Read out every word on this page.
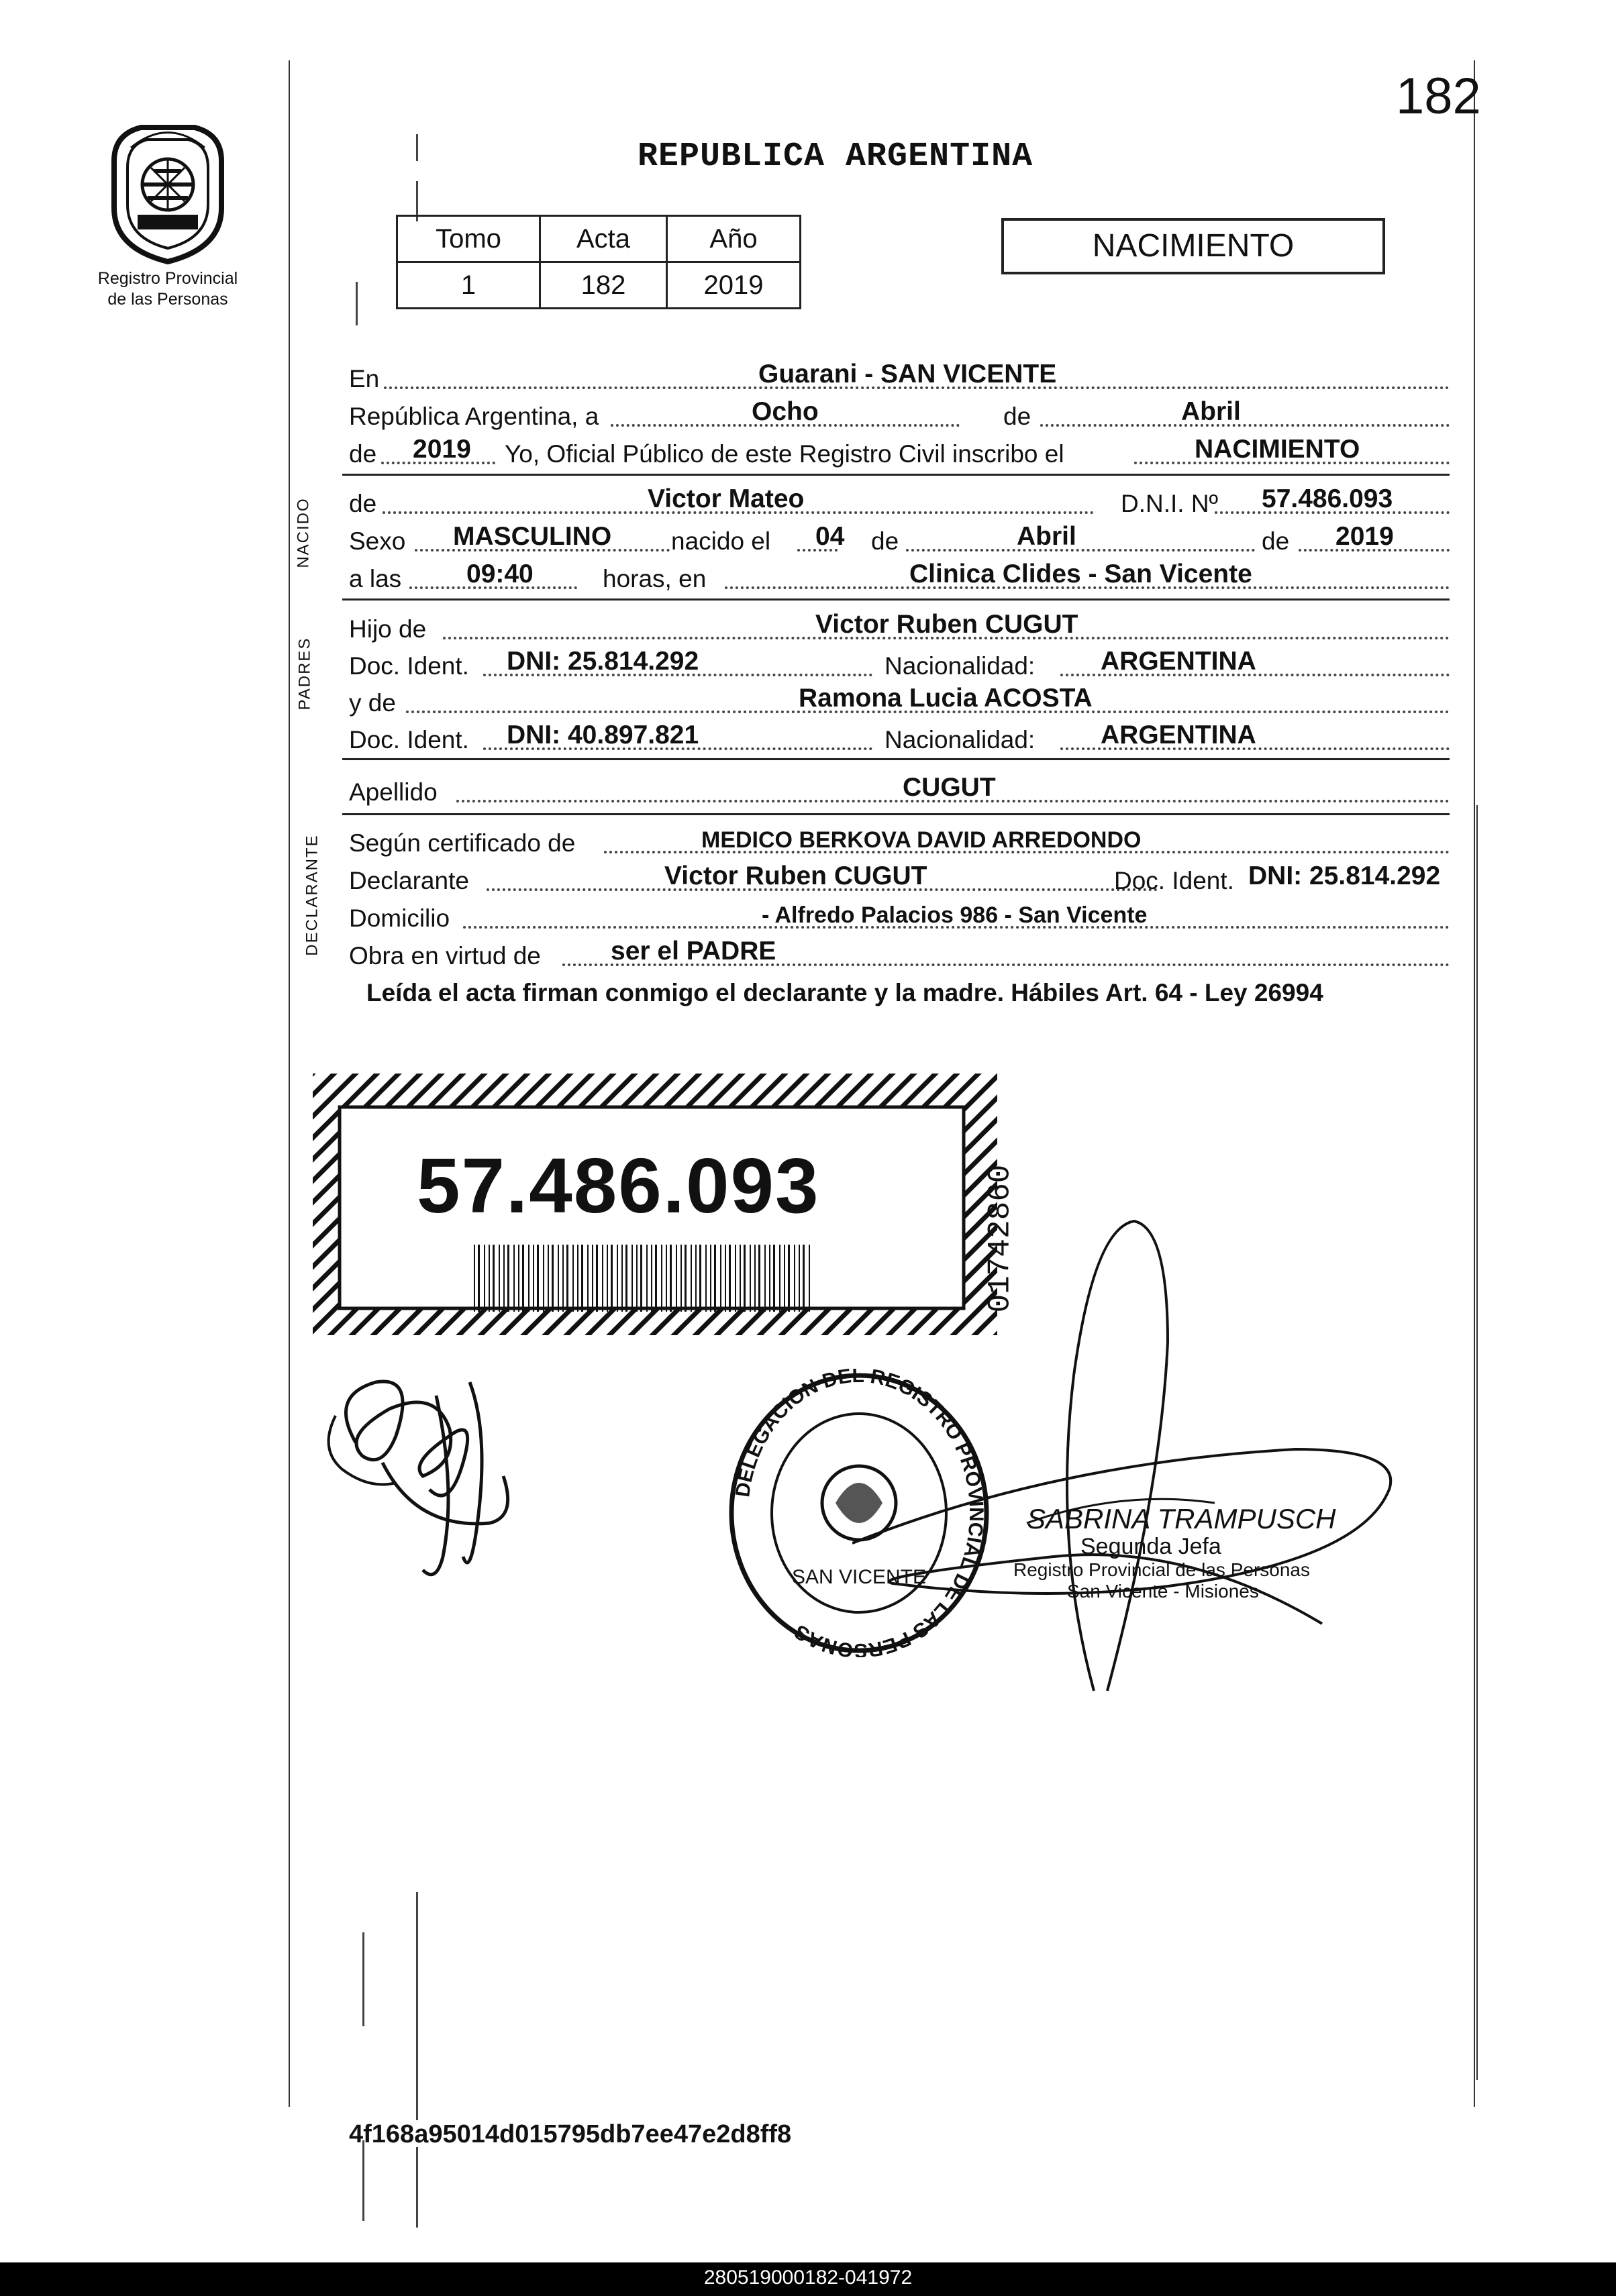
182
REPUBLICA ARGENTINA
Registro Provincial
de las Personas
Tomo	Acta	Año
1	182	2019
NACIMIENTO
NACIDO
PADRES
DECLARANTE
En	Guarani - SAN VICENTE
República Argentina, a	Ocho	de	Abril
de 2019 Yo, Oficial Público de este Registro Civil inscribo el	NACIMIENTO
de	Victor Mateo	D.N.I. Nº 57.486.093
Sexo MASCULINO nacido el 04 de	Abril	de 2019
a las 09:40	horas, en	Clinica Clides - San Vicente
Hijo de	Victor Ruben CUGUT
Doc. Ident. DNI: 25.814.292	Nacionalidad:	ARGENTINA
y de	Ramona Lucia ACOSTA
Doc. Ident. DNI: 40.897.821	Nacionalidad:	ARGENTINA
Apellido	CUGUT
Según certificado de	MEDICO BERKOVA DAVID ARREDONDO
Declarante	Victor Ruben CUGUT	Doc. Ident. DNI: 25.814.292
Domicilio	- Alfredo Palacios 986 - San Vicente
Obra en virtud de	ser el PADRE
Leída el acta firman conmigo el declarante y la madre. Hábiles Art. 64 - Ley 26994
57.486.093	01742860
DELEGACION DEL REGISTRO PROVINCIAL DE LAS PERSONAS
SAN VICENTE
SABRINA TRAMPUSCH
Segunda Jefa
Registro Provincial de las Personas
San Vicente - Misiones
4f168a95014d015795db7ee47e2d8ff8
280519000182-041972
